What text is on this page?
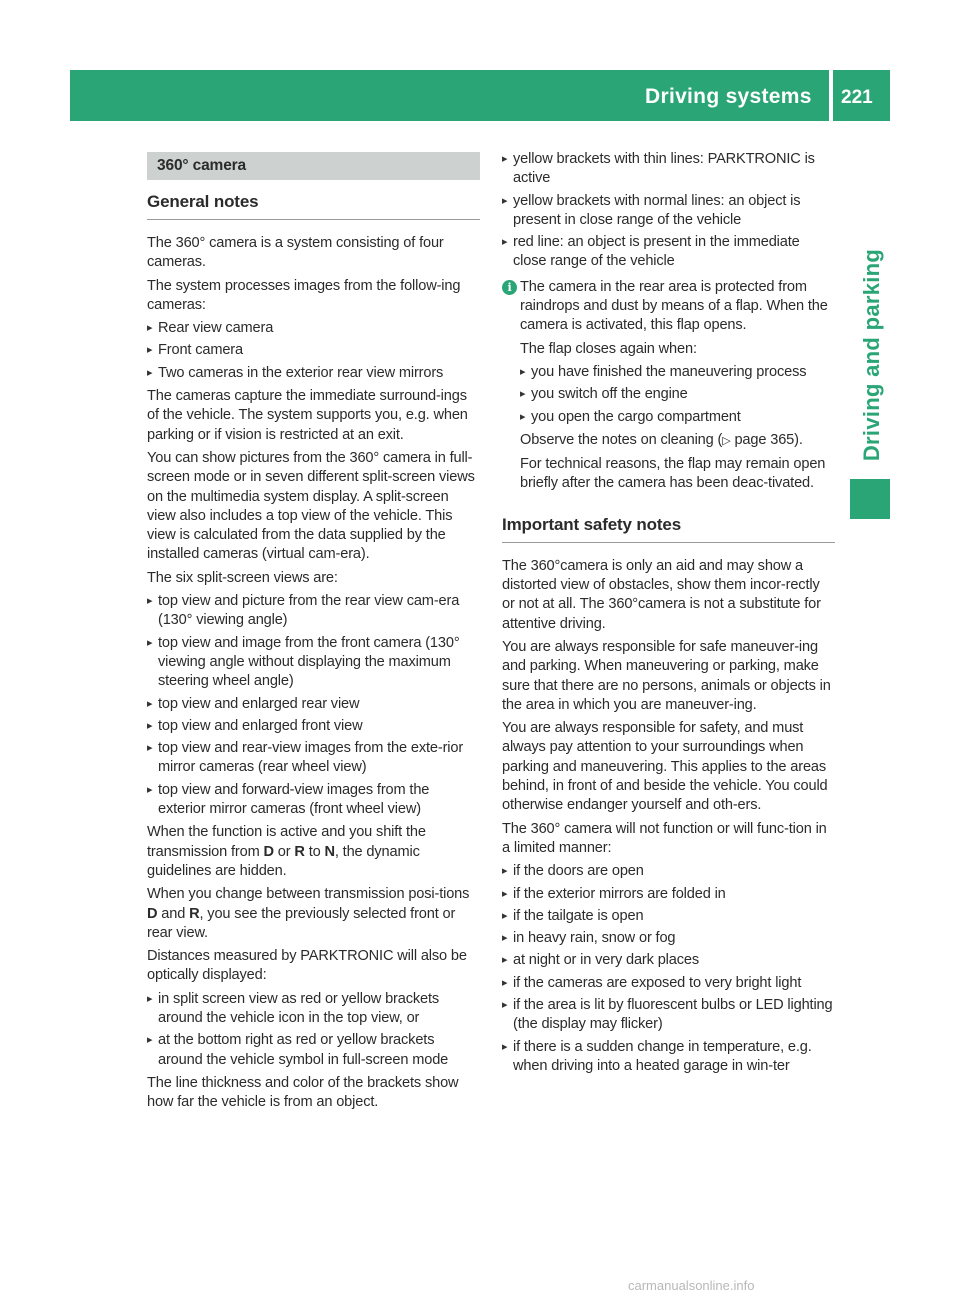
Driving systems 221
Driving and parking
360° camera
General notes

The 360° camera is a system consisting of four cameras.

The system processes images from the follow-ing cameras:

▸ Rear view camera
▸ Front camera
▸ Two cameras in the exterior rear view mirrors

The cameras capture the immediate surround-ings of the vehicle. The system supports you, e.g. when parking or if vision is restricted at an exit.

You can show pictures from the 360° camera in full-screen mode or in seven different split-screen views on the multimedia system display. A split-screen view also includes a top view of the vehicle. This view is calculated from the data supplied by the installed cameras (virtual cam-era).

The six split-screen views are:

▸ top view and picture from the rear view cam-era (130° viewing angle)
▸ top view and image from the front camera (130° viewing angle without displaying the maximum steering wheel angle)
▸ top view and enlarged rear view
▸ top view and enlarged front view
▸ top view and rear-view images from the exte-rior mirror cameras (rear wheel view)
▸ top view and forward-view images from the exterior mirror cameras (front wheel view)

When the function is active and you shift the transmission from D or R to N, the dynamic guidelines are hidden.

When you change between transmission posi-tions D and R, you see the previously selected front or rear view.

Distances measured by PARKTRONIC will also be optically displayed:

▸ in split screen view as red or yellow brackets around the vehicle icon in the top view, or
▸ at the bottom right as red or yellow brackets around the vehicle symbol in full-screen mode

The line thickness and color of the brackets show how far the vehicle is from an object.

▸ yellow brackets with thin lines: PARKTRONIC is active
▸ yellow brackets with normal lines: an object is present in close range of the vehicle
▸ red line: an object is present in the immediate close range of the vehicle
i The camera in the rear area is protected from raindrops and dust by means of a flap. When the camera is activated, this flap opens.

The flap closes again when:

▸ you have finished the maneuvering process
▸ you switch off the engine
▸ you open the cargo compartment

Observe the notes on cleaning (▷ page 365).

For technical reasons, the flap may remain open briefly after the camera has been deac-tivated.

Important safety notes

The 360°camera is only an aid and may show a distorted view of obstacles, show them incor-rectly or not at all. The 360°camera is not a substitute for attentive driving.

You are always responsible for safe maneuver-ing and parking. When maneuvering or parking, make sure that there are no persons, animals or objects in the area in which you are maneuver-ing.

You are always responsible for safety, and must always pay attention to your surroundings when parking and maneuvering. This applies to the areas behind, in front of and beside the vehicle. You could otherwise endanger yourself and oth-ers.

The 360° camera will not function or will func-tion in a limited manner:

▸ if the doors are open
▸ if the exterior mirrors are folded in
▸ if the tailgate is open
▸ in heavy rain, snow or fog
▸ at night or in very dark places
▸ if the cameras are exposed to very bright light
▸ if the area is lit by fluorescent bulbs or LED lighting (the display may flicker)
▸ if there is a sudden change in temperature, e.g. when driving into a heated garage in win-ter
carmanualsonline.info
